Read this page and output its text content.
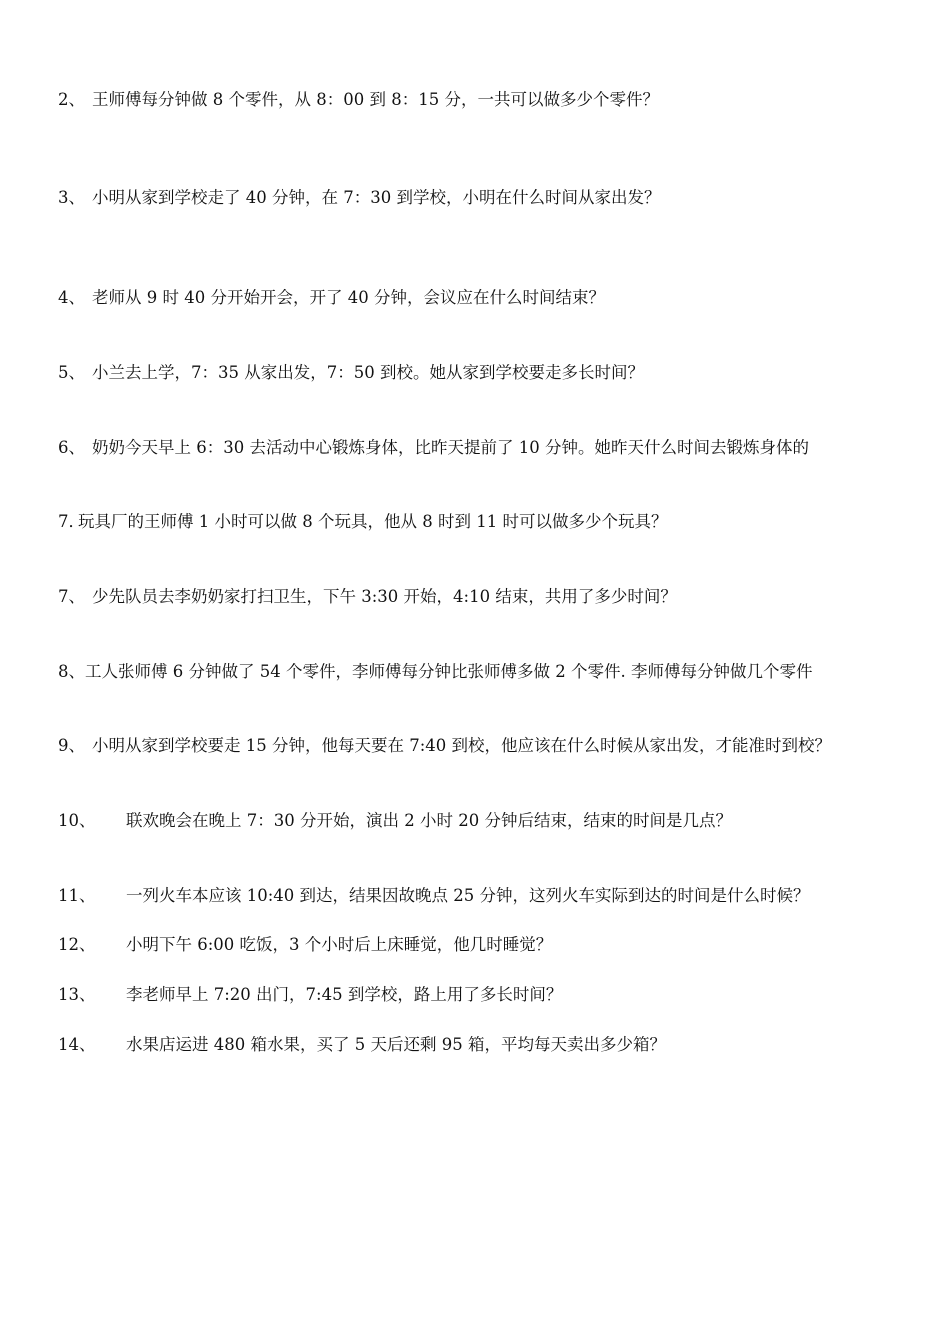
2、 王师傅每分钟做 8 个零件，从 8：00 到 8：15 分，一共可以做多少个零件？
3、 小明从家到学校走了 40 分钟，在 7：30 到学校，小明在什么时间从家出发？
4、 老师从 9 时 40 分开始开会，开了 40 分钟，会议应在什么时间结束？
5、 小兰去上学，7：35 从家出发，7：50 到校。她从家到学校要走多长时间？
6、 奶奶今天早上 6：30 去活动中心锻炼身体，比昨天提前了 10 分钟。她昨天什么时间去锻炼身体的
7．
玩具厂的王师傅 1 小时可以做 8 个玩具，他从 8 时到 11 时可以做多少个玩具？
7、 少先队员去李奶奶家打扫卫生，下午 3:30 开始，4:10 结束，共用了多少时间？
8、 工人张师傅 6 分钟做了 54 个零件，李师傅每分钟比张师傅多做 2 个零件. 李师傅每分钟做几个零件
9、 小明从家到学校要走 15 分钟，他每天要在 7:40 到校，他应该在什么时候从家出发，才能准时到校？
10、	联欢晚会在晚上 7：30 分开始，演出 2 小时 20 分钟后结束，结束的时间是几点？
11、	一列火车本应该 10:40 到达，结果因故晚点 25 分钟，这列火车实际到达的时间是什么时候？
12、	小明下午 6:00 吃饭，3 个小时后上床睡觉，他几时睡觉？
13、	李老师早上 7:20 出门，7:45 到学校，路上用了多长时间？
14、	水果店运进 480 箱水果，买了 5 天后还剩 95 箱，平均每天卖出多少箱？
